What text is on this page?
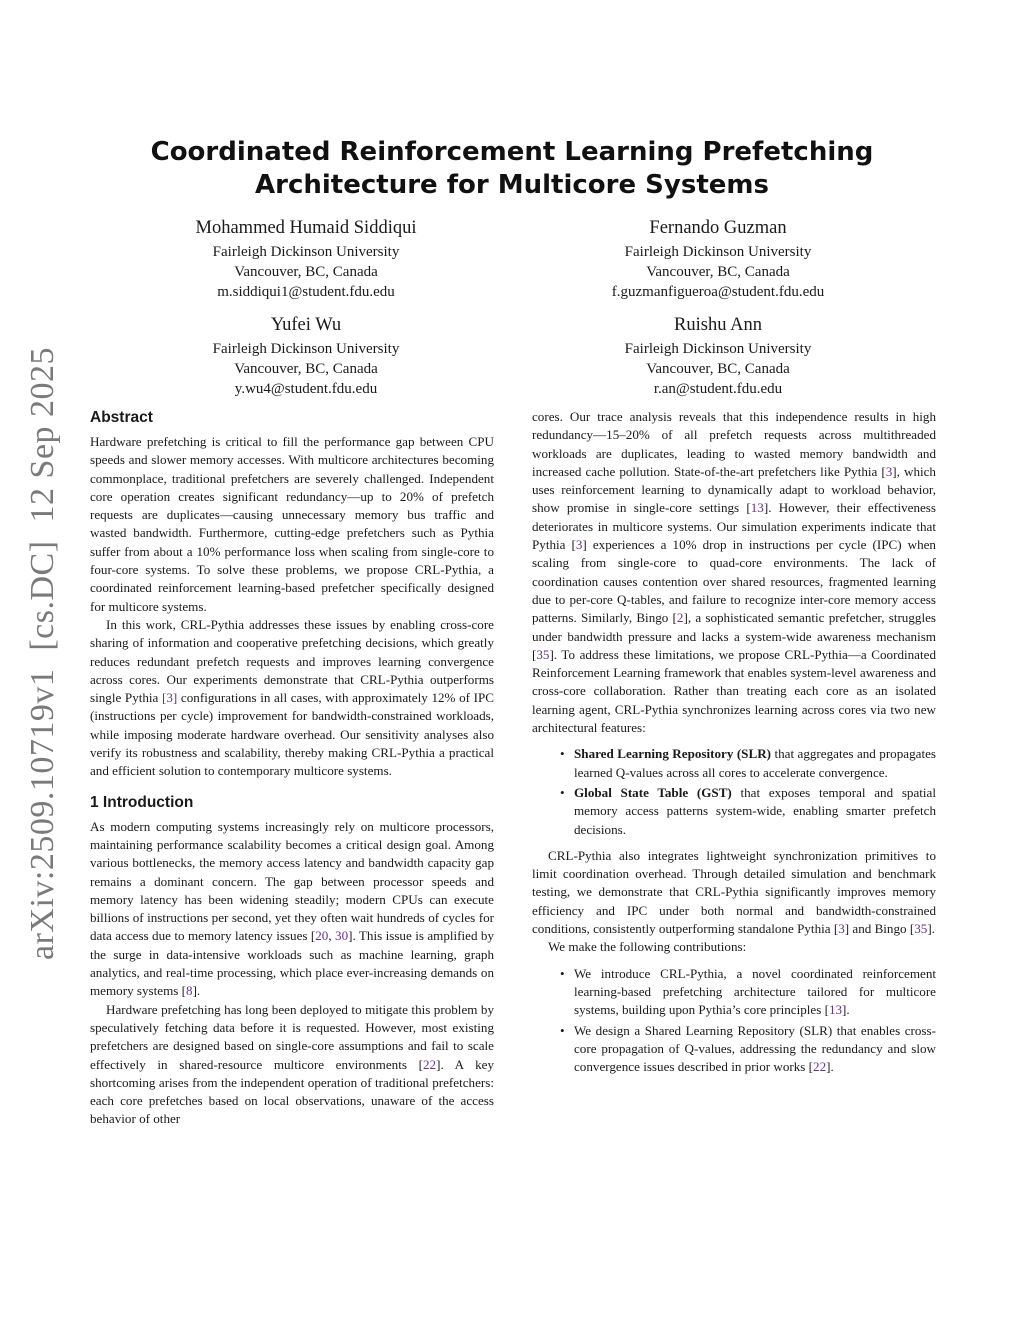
arXiv:2509.10719v1  [cs.DC]  12 Sep 2025
Coordinated Reinforcement Learning Prefetching Architecture for Multicore Systems
Mohammed Humaid Siddiqui
Fairleigh Dickinson University
Vancouver, BC, Canada
m.siddiqui1@student.fdu.edu
Fernando Guzman
Fairleigh Dickinson University
Vancouver, BC, Canada
f.guzmanfigueroa@student.fdu.edu
Yufei Wu
Fairleigh Dickinson University
Vancouver, BC, Canada
y.wu4@student.fdu.edu
Ruishu Ann
Fairleigh Dickinson University
Vancouver, BC, Canada
r.an@student.fdu.edu
Abstract

Hardware prefetching is critical to fill the performance gap between CPU speeds and slower memory accesses. With multicore architectures becoming commonplace, traditional prefetchers are severely challenged. Independent core operation creates significant redundancy—up to 20% of prefetch requests are duplicates—causing unnecessary memory bus traffic and wasted bandwidth. Furthermore, cutting-edge prefetchers such as Pythia suffer from about a 10% performance loss when scaling from single-core to four-core systems. To solve these problems, we propose CRL-Pythia, a coordinated reinforcement learning-based prefetcher specifically designed for multicore systems.

In this work, CRL-Pythia addresses these issues by enabling cross-core sharing of information and cooperative prefetching decisions, which greatly reduces redundant prefetch requests and improves learning convergence across cores. Our experiments demonstrate that CRL-Pythia outperforms single Pythia [3] configurations in all cases, with approximately 12% of IPC (instructions per cycle) improvement for bandwidth-constrained workloads, while imposing moderate hardware overhead. Our sensitivity analyses also verify its robustness and scalability, thereby making CRL-Pythia a practical and efficient solution to contemporary multicore systems.

1 Introduction

As modern computing systems increasingly rely on multicore processors, maintaining performance scalability becomes a critical design goal. Among various bottlenecks, the memory access latency and bandwidth capacity gap remains a dominant concern. The gap between processor speeds and memory latency has been widening steadily; modern CPUs can execute billions of instructions per second, yet they often wait hundreds of cycles for data access due to memory latency issues [20, 30]. This issue is amplified by the surge in data-intensive workloads such as machine learning, graph analytics, and real-time processing, which place ever-increasing demands on memory systems [8].

Hardware prefetching has long been deployed to mitigate this problem by speculatively fetching data before it is requested. However, most existing prefetchers are designed based on single-core assumptions and fail to scale effectively in shared-resource multicore environments [22]. A key shortcoming arises from the independent operation of traditional prefetchers: each core prefetches based on local observations, unaware of the access behavior of other

cores. Our trace analysis reveals that this independence results in high redundancy—15–20% of all prefetch requests across multithreaded workloads are duplicates, leading to wasted memory bandwidth and increased cache pollution. State-of-the-art prefetchers like Pythia [3], which uses reinforcement learning to dynamically adapt to workload behavior, show promise in single-core settings [13]. However, their effectiveness deteriorates in multicore systems. Our simulation experiments indicate that Pythia [3] experiences a 10% drop in instructions per cycle (IPC) when scaling from single-core to quad-core environments. The lack of coordination causes contention over shared resources, fragmented learning due to per-core Q-tables, and failure to recognize inter-core memory access patterns. Similarly, Bingo [2], a sophisticated semantic prefetcher, struggles under bandwidth pressure and lacks a system-wide awareness mechanism [35]. To address these limitations, we propose CRL-Pythia—a Coordinated Reinforcement Learning framework that enables system-level awareness and cross-core collaboration. Rather than treating each core as an isolated learning agent, CRL-Pythia synchronizes learning across cores via two new architectural features:

• Shared Learning Repository (SLR) that aggregates and propagates learned Q-values across all cores to accelerate convergence.
• Global State Table (GST) that exposes temporal and spatial memory access patterns system-wide, enabling smarter prefetch decisions.

CRL-Pythia also integrates lightweight synchronization primitives to limit coordination overhead. Through detailed simulation and benchmark testing, we demonstrate that CRL-Pythia significantly improves memory efficiency and IPC under both normal and bandwidth-constrained conditions, consistently outperforming standalone Pythia [3] and Bingo [35].

We make the following contributions:

• We introduce CRL-Pythia, a novel coordinated reinforcement learning-based prefetching architecture tailored for multicore systems, building upon Pythia’s core principles [13].
• We design a Shared Learning Repository (SLR) that enables cross-core propagation of Q-values, addressing the redundancy and slow convergence issues described in prior works [22].
